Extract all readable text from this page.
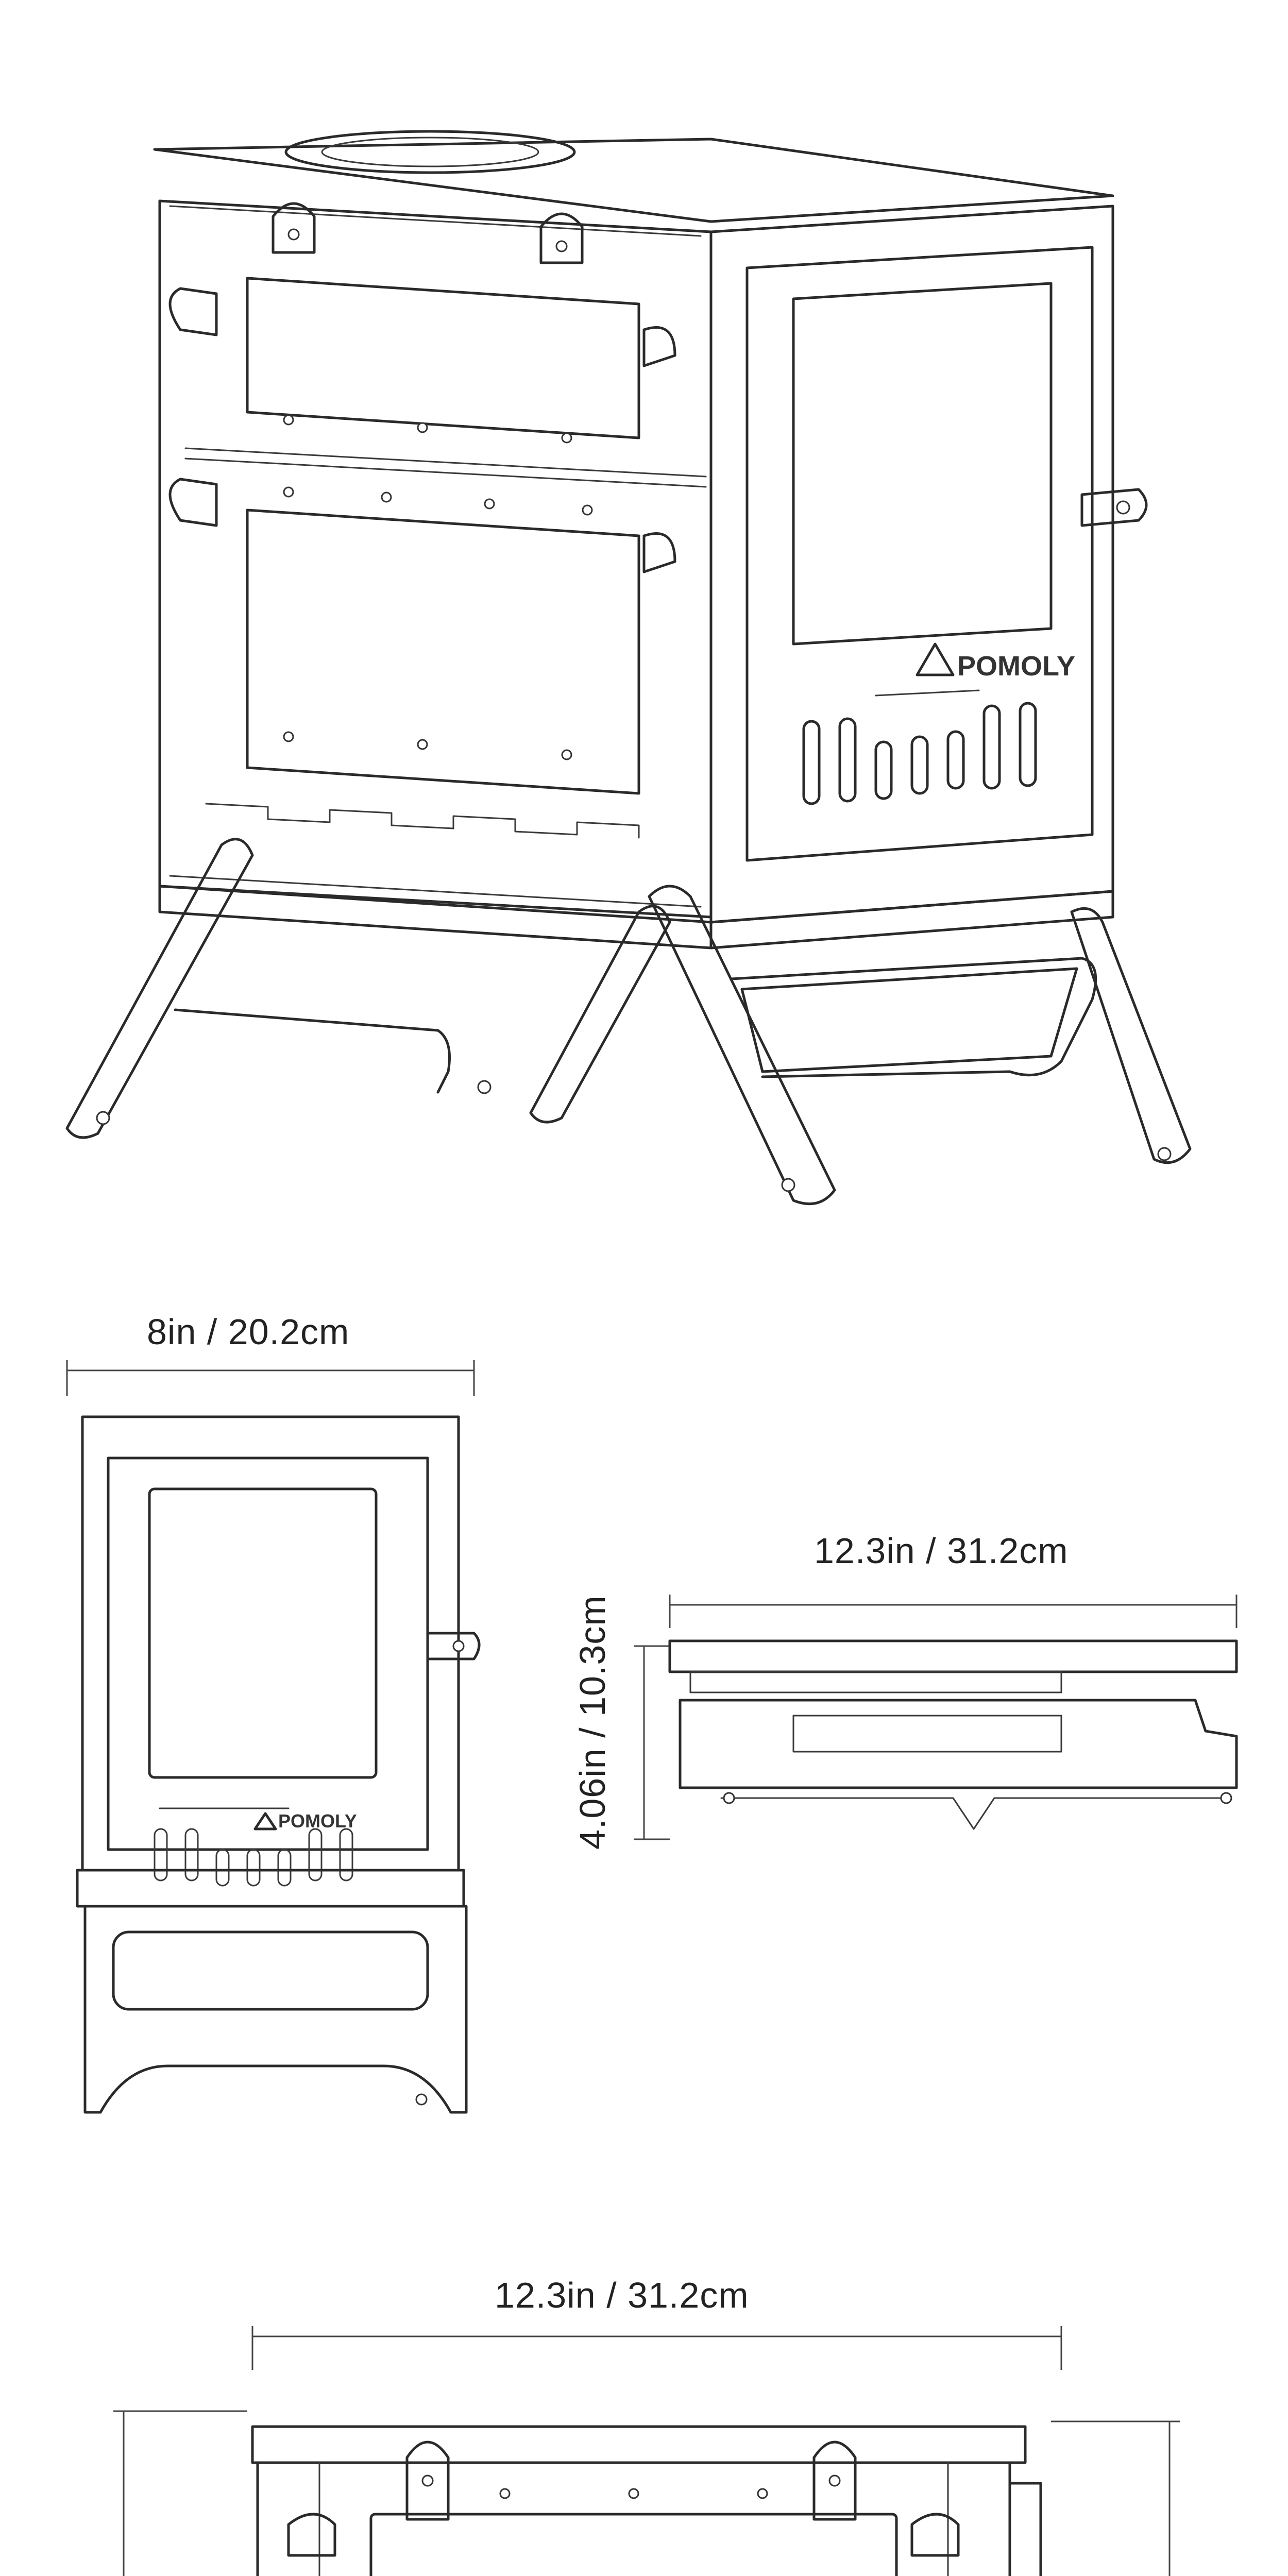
POMOLY
8in / 20.2cm
12.3in / 31.2cm
4.06in / 10.3cm
POMOLY
12.3in / 31.2cm
